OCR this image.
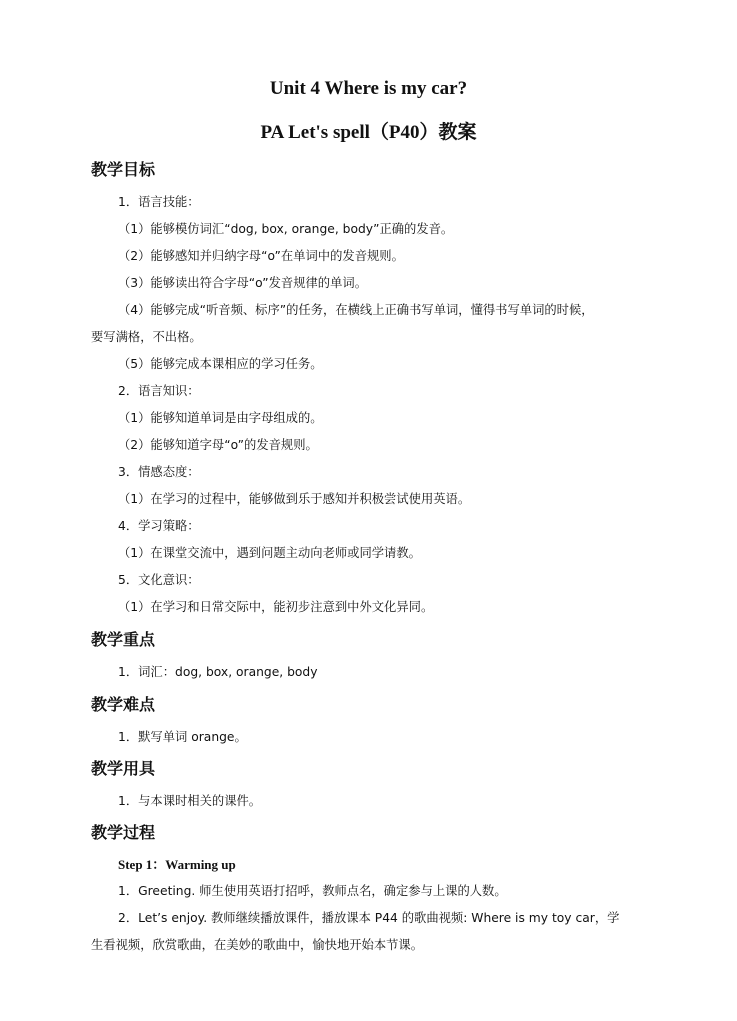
Unit 4 Where is my car?
PA Let's spell（P40）教案
教学目标
1．语言技能：
（1）能够模仿词汇“dog, box, orange, body”正确的发音。
（2）能够感知并归纳字母“o”在单词中的发音规则。
（3）能够读出符合字母“o”发音规律的单词。
（4）能够完成“听音频、标序”的任务，在横线上正确书写单词，懂得书写单词的时候，
要写满格，不出格。
（5）能够完成本课相应的学习任务。
2．语言知识：
（1）能够知道单词是由字母组成的。
（2）能够知道字母“o”的发音规则。
3．情感态度：
（1）在学习的过程中，能够做到乐于感知并积极尝试使用英语。
4．学习策略：
（1）在课堂交流中，遇到问题主动向老师或同学请教。
5．文化意识：
（1）在学习和日常交际中，能初步注意到中外文化异同。
教学重点
1．词汇：dog, box, orange, body
教学难点
1．默写单词 orange。
教学用具
1．与本课时相关的课件。
教学过程
Step 1：Warming up
1．Greeting. 师生使用英语打招呼，教师点名，确定参与上课的人数。
2．Let’s enjoy. 教师继续播放课件，播放课本 P44 的歌曲视频: Where is my toy car，学
生看视频，欣赏歌曲，在美妙的歌曲中，愉快地开始本节课。
